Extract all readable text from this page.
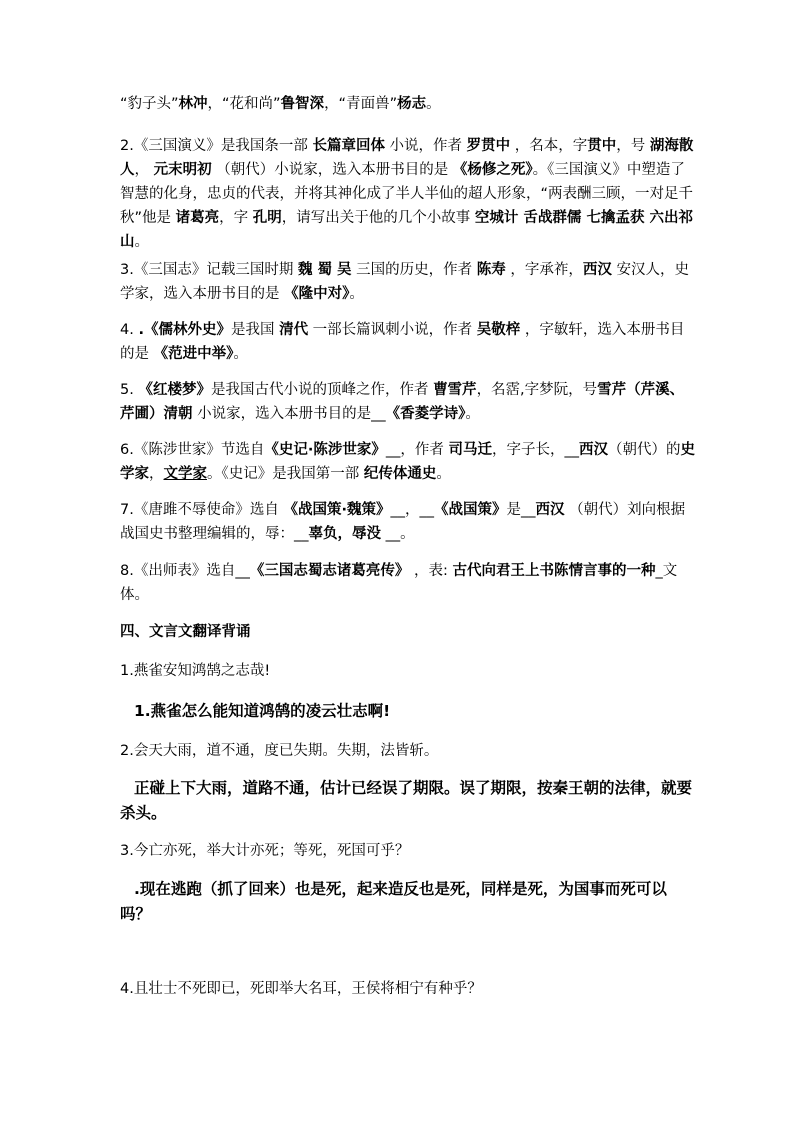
“豹子头”林冲，“花和尚”鲁智深，“青面兽”杨志。
2.《三国演义》是我国条一部 长篇章回体 小说，作者 罗贯中 ，名本，字贯中，号 湖海散人， 元末明初 （朝代）小说家，选入本册书目的是 《杨修之死》。《三国演义》中塑造了智慧的化身，忠贞的代表，并将其神化成了半人半仙的超人形象，“两表酬三顾，一对足千秋”他是 诸葛亮，字 孔明，请写出关于他的几个小故事 空城计 舌战群儒 七擒孟获 六出祁山。
3.《三国志》记载三国时期 魏 蜀 吴 三国的历史，作者 陈寿 ，字承祚，西汉 安汉人，史学家，选入本册书目的是 《隆中对》。
4. .《儒林外史》是我国 清代 一部长篇讽刺小说，作者 吴敬梓 ，字敏轩，选入本册书目的是 《范进中举》。
5. 《红楼梦》是我国古代小说的顶峰之作，作者 曹雪芹，名霑,字梦阮，号雪芹（芹溪、芹圃）清朝 小说家，选入本册书目的是__《香菱学诗》。
6.《陈涉世家》节选自《史记·陈涉世家》__，作者 司马迁，字子长，__西汉（朝代）的史学家，文学家。《史记》是我国第一部 纪传体通史。
7.《唐雎不辱使命》选自 《战国策·魏策》__，__《战国策》是__西汉 （朝代）刘向根据战国史书整理编辑的，辱：__辜负，辱没 __。
8.《出师表》选自__《三国志蜀志诸葛亮传》 ，表: 古代向君王上书陈情言事的一种_文体。
四、文言文翻译背诵
1.燕雀安知鸿鹄之志哉!
1.燕雀怎么能知道鸿鹄的凌云壮志啊!
2.会天大雨，道不通，度已失期。失期，法皆斩。
正碰上下大雨，道路不通，估计已经误了期限。误了期限，按秦王朝的法律，就要杀头。
3.今亡亦死，举大计亦死；等死，死国可乎？
.现在逃跑（抓了回来）也是死，起来造反也是死，同样是死，为国事而死可以吗？
4.且壮士不死即已，死即举大名耳，王侯将相宁有种乎？
